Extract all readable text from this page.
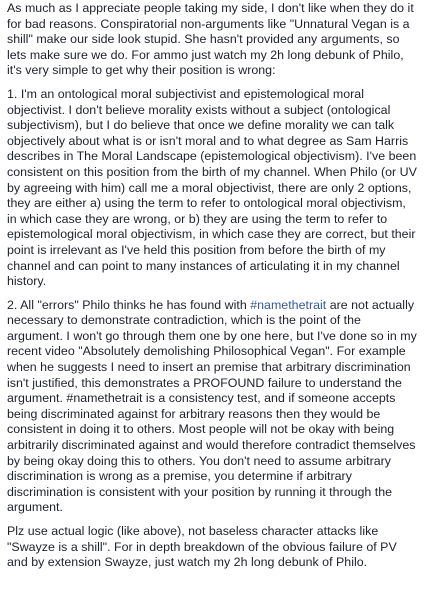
As much as I appreciate people taking my side, I don't like when they do it for bad reasons. Conspiratorial non-arguments like "Unnatural Vegan is a shill" make our side look stupid. She hasn't provided any arguments, so lets make sure we do. For ammo just watch my 2h long debunk of Philo, it's very simple to get why their position is wrong:

1. I'm an ontological moral subjectivist and epistemological moral objectivist. I don't believe morality exists without a subject (ontological subjectivism), but I do believe that once we define morality we can talk objectively about what is or isn't moral and to what degree as Sam Harris describes in The Moral Landscape (epistemological objectivism). I've been consistent on this position from the birth of my channel. When Philo (or UV by agreeing with him) call me a moral objectivist, there are only 2 options, they are either a) using the term to refer to ontological moral objectivism, in which case they are wrong, or b) they are using the term to refer to epistemological moral objectivism, in which case they are correct, but their point is irrelevant as I've held this position from before the birth of my channel and can point to many instances of articulating it in my channel history.

2. All "errors" Philo thinks he has found with #namethetrait are not actually necessary to demonstrate contradiction, which is the point of the argument. I won't go through them one by one here, but I've done so in my recent video "Absolutely demolishing Philosophical Vegan". For example when he suggests I need to insert an premise that arbitrary discrimination isn't justified, this demonstrates a PROFOUND failure to understand the argument. #namethetrait is a consistency test, and if someone accepts being discriminated against for arbitrary reasons then they would be consistent in doing it to others. Most people will not be okay with being arbitrarily discriminated against and would therefore contradict themselves by being okay doing this to others. You don't need to assume arbitrary discrimination is wrong as a premise, you determine if arbitrary discrimination is consistent with your position by running it through the argument.

Plz use actual logic (like above), not baseless character attacks like "Swayze is a shill". For in depth breakdown of the obvious failure of PV and by extension Swayze, just watch my 2h long debunk of Philo.
